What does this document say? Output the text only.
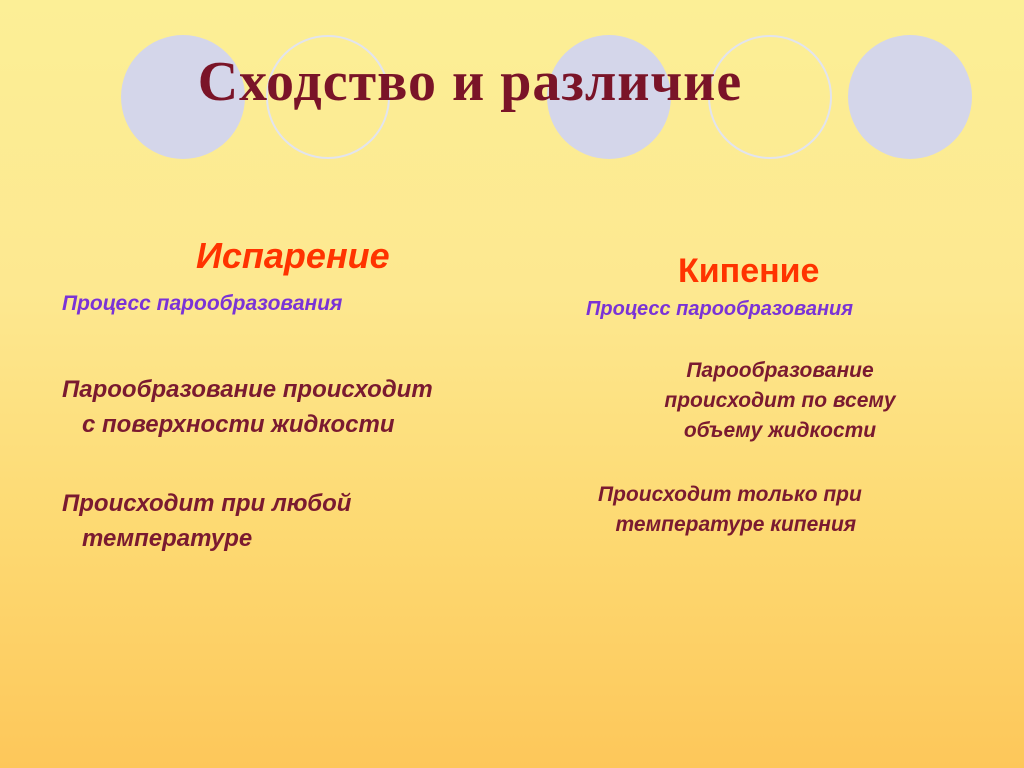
Сходство и различие
Испарение

Процесс парообразования

Парообразование происходит
с поверхности жидкости

Происходит при любой
температуре

Кипение

Процесс парообразования

Парообразование
происходит по всему
объему жидкости

Происходит только при
температуре кипения
